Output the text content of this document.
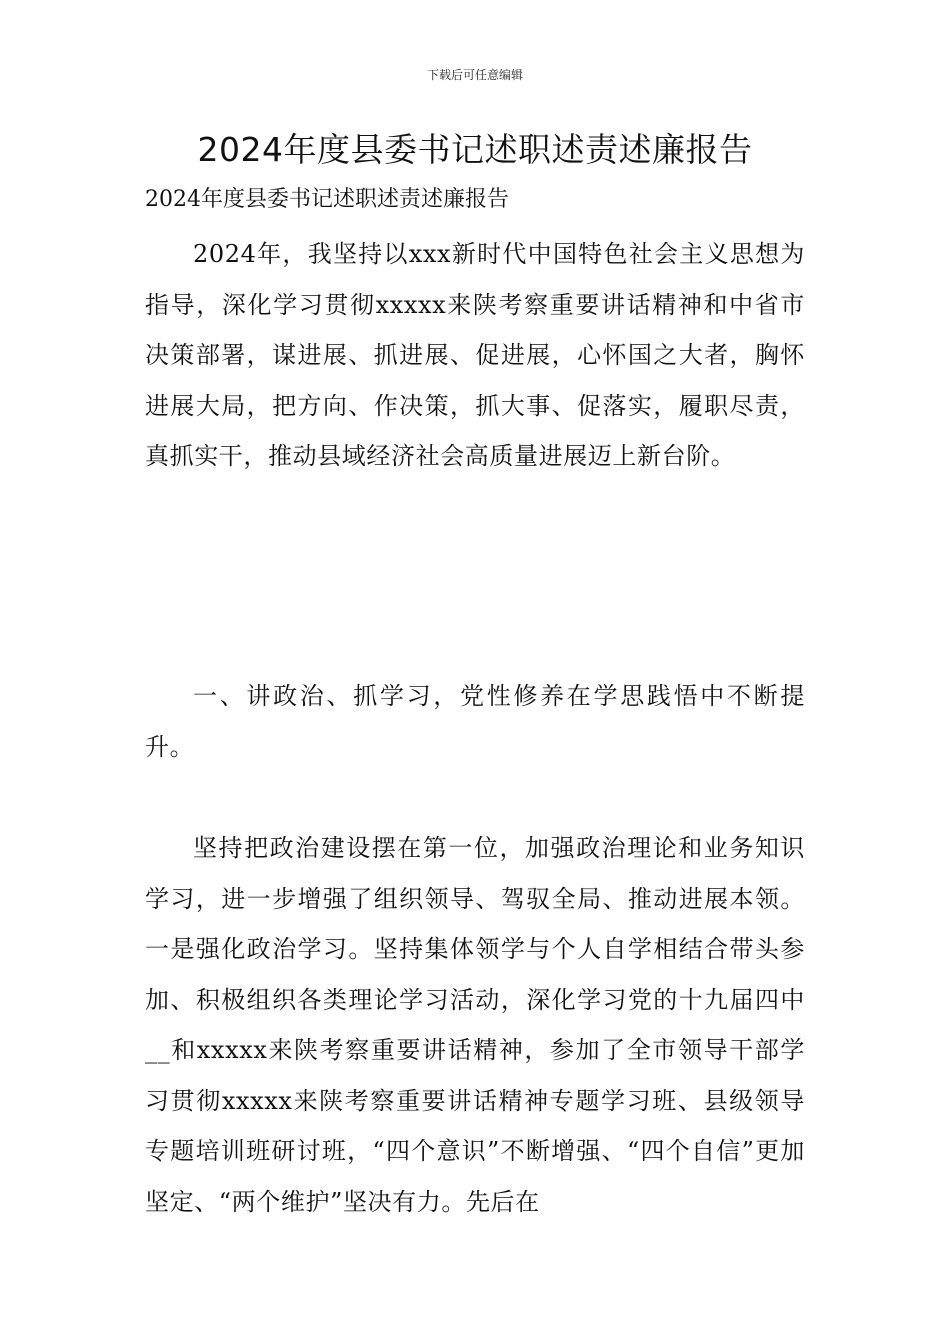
下载后可任意编辑
2024年度县委书记述职述责述廉报告
2024年度县委书记述职述责述廉报告

2024年，我坚持以xxx新时代中国特色社会主义思想为指导，深化学习贯彻xxxxx来陕考察重要讲话精神和中省市决策部署，谋进展、抓进展、促进展，心怀国之大者，胸怀进展大局，把方向、作决策，抓大事、促落实，履职尽责，真抓实干，推动县域经济社会高质量进展迈上新台阶。

一、讲政治、抓学习，党性修养在学思践悟中不断提升。

坚持把政治建设摆在第一位，加强政治理论和业务知识学习，进一步增强了组织领导、驾驭全局、推动进展本领。一是强化政治学习。坚持集体领学与个人自学相结合带头参加、积极组织各类理论学习活动，深化学习党的十九届四中__和xxxxx来陕考察重要讲话精神，参加了全市领导干部学习贯彻xxxxx来陕考察重要讲话精神专题学习班、县级领导专题培训班研讨班，“四个意识”不断增强、“四个自信”更加坚定、“两个维护”坚决有力。先后在
